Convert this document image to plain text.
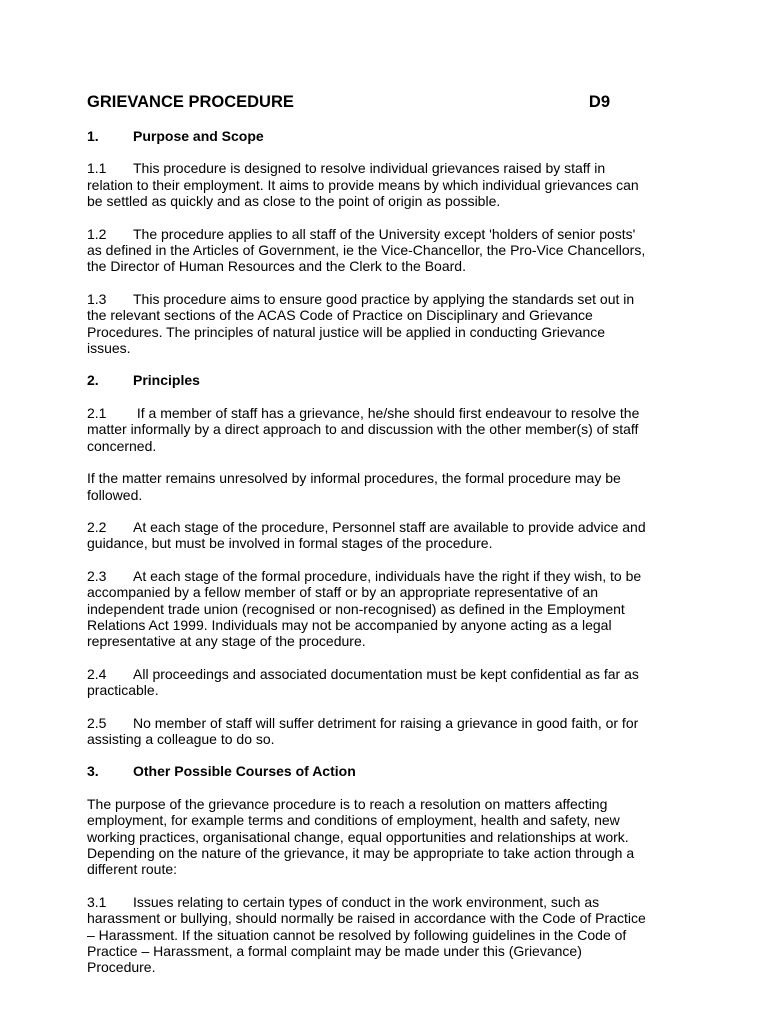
GRIEVANCE PROCEDURE	D9
1. Purpose and Scope

1.1 This procedure is designed to resolve individual grievances raised by staff in relation to their employment. It aims to provide means by which individual grievances can be settled as quickly and as close to the point of origin as possible.

1.2 The procedure applies to all staff of the University except 'holders of senior posts' as defined in the Articles of Government, ie the Vice-Chancellor, the Pro-Vice Chancellors, the Director of Human Resources and the Clerk to the Board.

1.3 This procedure aims to ensure good practice by applying the standards set out in the relevant sections of the ACAS Code of Practice on Disciplinary and Grievance Procedures. The principles of natural justice will be applied in conducting Grievance issues.

2. Principles

2.1 If a member of staff has a grievance, he/she should first endeavour to resolve the matter informally by a direct approach to and discussion with the other member(s) of staff concerned.

If the matter remains unresolved by informal procedures, the formal procedure may be followed.

2.2 At each stage of the procedure, Personnel staff are available to provide advice and guidance, but must be involved in formal stages of the procedure.

2.3 At each stage of the formal procedure, individuals have the right if they wish, to be accompanied by a fellow member of staff or by an appropriate representative of an independent trade union (recognised or non-recognised) as defined in the Employment Relations Act 1999. Individuals may not be accompanied by anyone acting as a legal representative at any stage of the procedure.

2.4 All proceedings and associated documentation must be kept confidential as far as practicable.

2.5 No member of staff will suffer detriment for raising a grievance in good faith, or for assisting a colleague to do so.

3. Other Possible Courses of Action

The purpose of the grievance procedure is to reach a resolution on matters affecting employment, for example terms and conditions of employment, health and safety, new working practices, organisational change, equal opportunities and relationships at work. Depending on the nature of the grievance, it may be appropriate to take action through a different route:

3.1 Issues relating to certain types of conduct in the work environment, such as harassment or bullying, should normally be raised in accordance with the Code of Practice – Harassment. If the situation cannot be resolved by following guidelines in the Code of Practice – Harassment, a formal complaint may be made under this (Grievance) Procedure.
